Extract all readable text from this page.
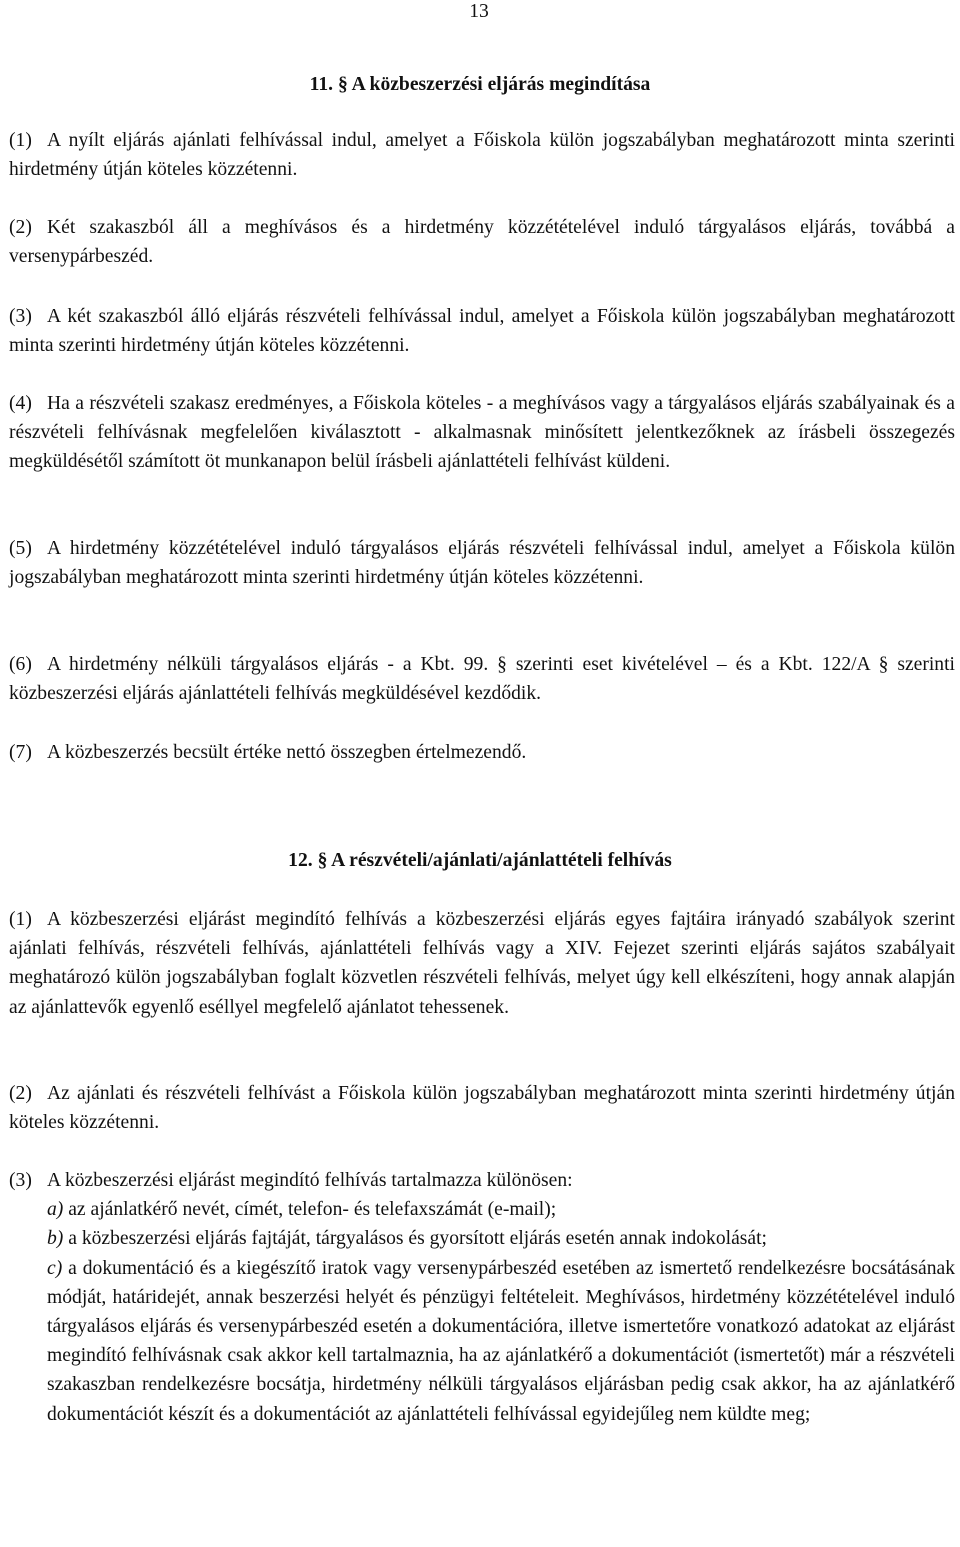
13
11. § A közbeszerzési eljárás megindítása
(1) A nyílt eljárás ajánlati felhívással indul, amelyet a Főiskola külön jogszabályban meghatározott minta szerinti hirdetmény útján köteles közzétenni.
(2) Két szakaszból áll a meghívásos és a hirdetmény közzétételével induló tárgyalásos eljárás, továbbá a versenypárbeszéd.
(3) A két szakaszból álló eljárás részvételi felhívással indul, amelyet a Főiskola külön jogszabályban meghatározott minta szerinti hirdetmény útján köteles közzétenni.
(4) Ha a részvételi szakasz eredményes, a Főiskola köteles - a meghívásos vagy a tárgyalásos eljárás szabályainak és a részvételi felhívásnak megfelelően kiválasztott - alkalmasnak minősített jelentkezőknek az írásbeli összegezés megküldésétől számított öt munkanapon belül írásbeli ajánlattételi felhívást küldeni.
(5) A hirdetmény közzétételével induló tárgyalásos eljárás részvételi felhívással indul, amelyet a Főiskola külön jogszabályban meghatározott minta szerinti hirdetmény útján köteles közzétenni.
(6) A hirdetmény nélküli tárgyalásos eljárás - a Kbt. 99. § szerinti eset kivételével – és a Kbt. 122/A § szerinti közbeszerzési eljárás ajánlattételi felhívás megküldésével kezdődik.
(7) A közbeszerzés becsült értéke nettó összegben értelmezendő.
12. § A részvételi/ajánlati/ajánlattételi felhívás
(1) A közbeszerzési eljárást megindító felhívás a közbeszerzési eljárás egyes fajtáira irányadó szabályok szerint ajánlati felhívás, részvételi felhívás, ajánlattételi felhívás vagy a XIV. Fejezet szerinti eljárás sajátos szabályait meghatározó külön jogszabályban foglalt közvetlen részvételi felhívás, melyet úgy kell elkészíteni, hogy annak alapján az ajánlattevők egyenlő eséllyel megfelelő ajánlatot tehessenek.
(2) Az ajánlati és részvételi felhívást a Főiskola külön jogszabályban meghatározott minta szerinti hirdetmény útján köteles közzétenni.
(3) A közbeszerzési eljárást megindító felhívás tartalmazza különösen:
a) az ajánlatkérő nevét, címét, telefon- és telefaxszámát (e-mail);
b) a közbeszerzési eljárás fajtáját, tárgyalásos és gyorsított eljárás esetén annak indokolását;
c) a dokumentáció és a kiegészítő iratok vagy versenypárbeszéd esetében az ismertető rendelkezésre bocsátásának módját, határidejét, annak beszerzési helyét és pénzügyi feltételeit. Meghívásos, hirdetmény közzétételével induló tárgyalásos eljárás és versenypárbeszéd esetén a dokumentációra, illetve ismertetőre vonatkozó adatokat az eljárást megindító felhívásnak csak akkor kell tartalmaznia, ha az ajánlatkérő a dokumentációt (ismertetőt) már a részvételi szakaszban rendelkezésre bocsátja, hirdetmény nélküli tárgyalásos eljárásban pedig csak akkor, ha az ajánlatkérő dokumentációt készít és a dokumentációt az ajánlattételi felhívással egyidejűleg nem küldte meg;
